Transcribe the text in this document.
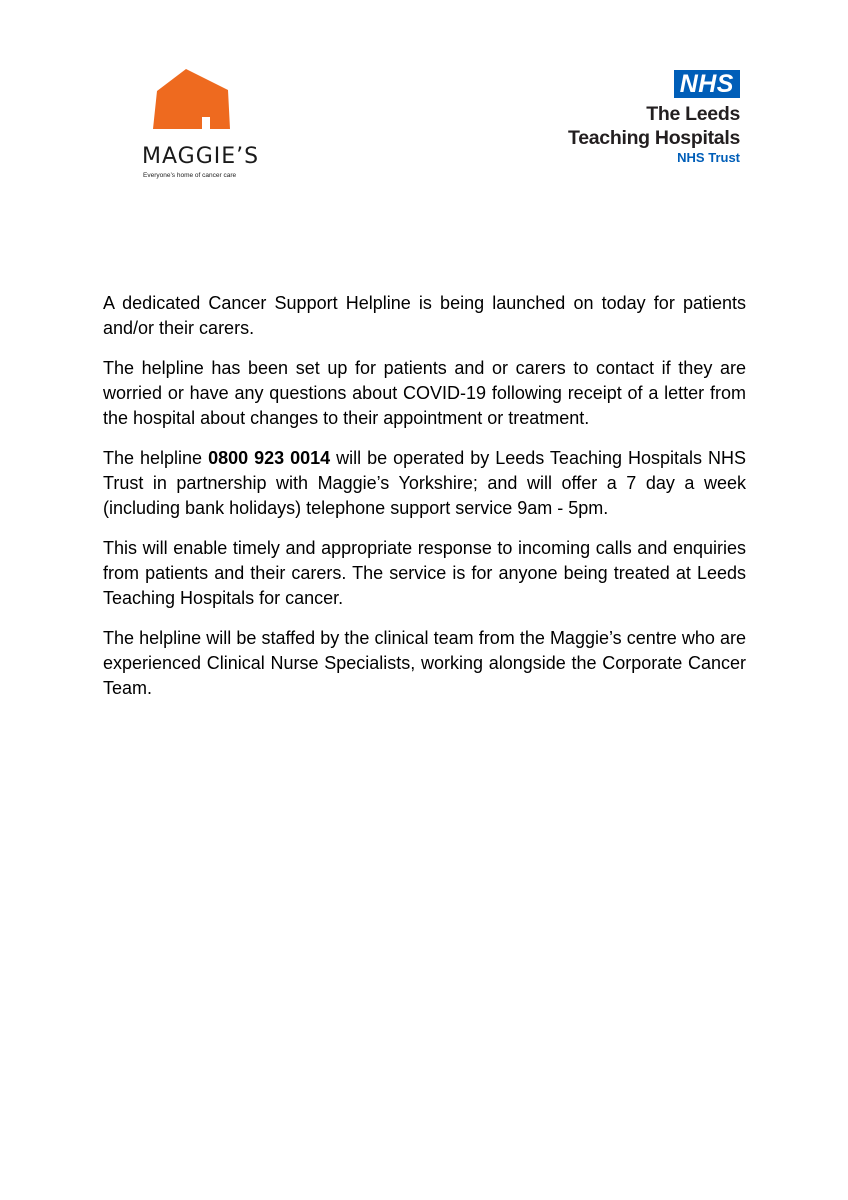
MAGGIE’S

Everyone’s home of cancer care

NHS

The Leeds
Teaching Hospitals

NHS Trust

A dedicated Cancer Support Helpline is being launched on today for patients and/or their carers.

The helpline has been set up for patients and or carers to contact if they are worried or have any questions about COVID-19 following receipt of a letter from the hospital about changes to their appointment or treatment.

The helpline 0800 923 0014 will be operated by Leeds Teaching Hospitals NHS Trust in partnership with Maggie’s Yorkshire; and will offer a 7 day a week (including bank holidays) telephone support service 9am - 5pm.

This will enable timely and appropriate response to incoming calls and enquiries from patients and their carers. The service is for anyone being treated at Leeds Teaching Hospitals for cancer.

The helpline will be staffed by the clinical team from the Maggie’s centre who are experienced Clinical Nurse Specialists, working alongside the Corporate Cancer Team.
